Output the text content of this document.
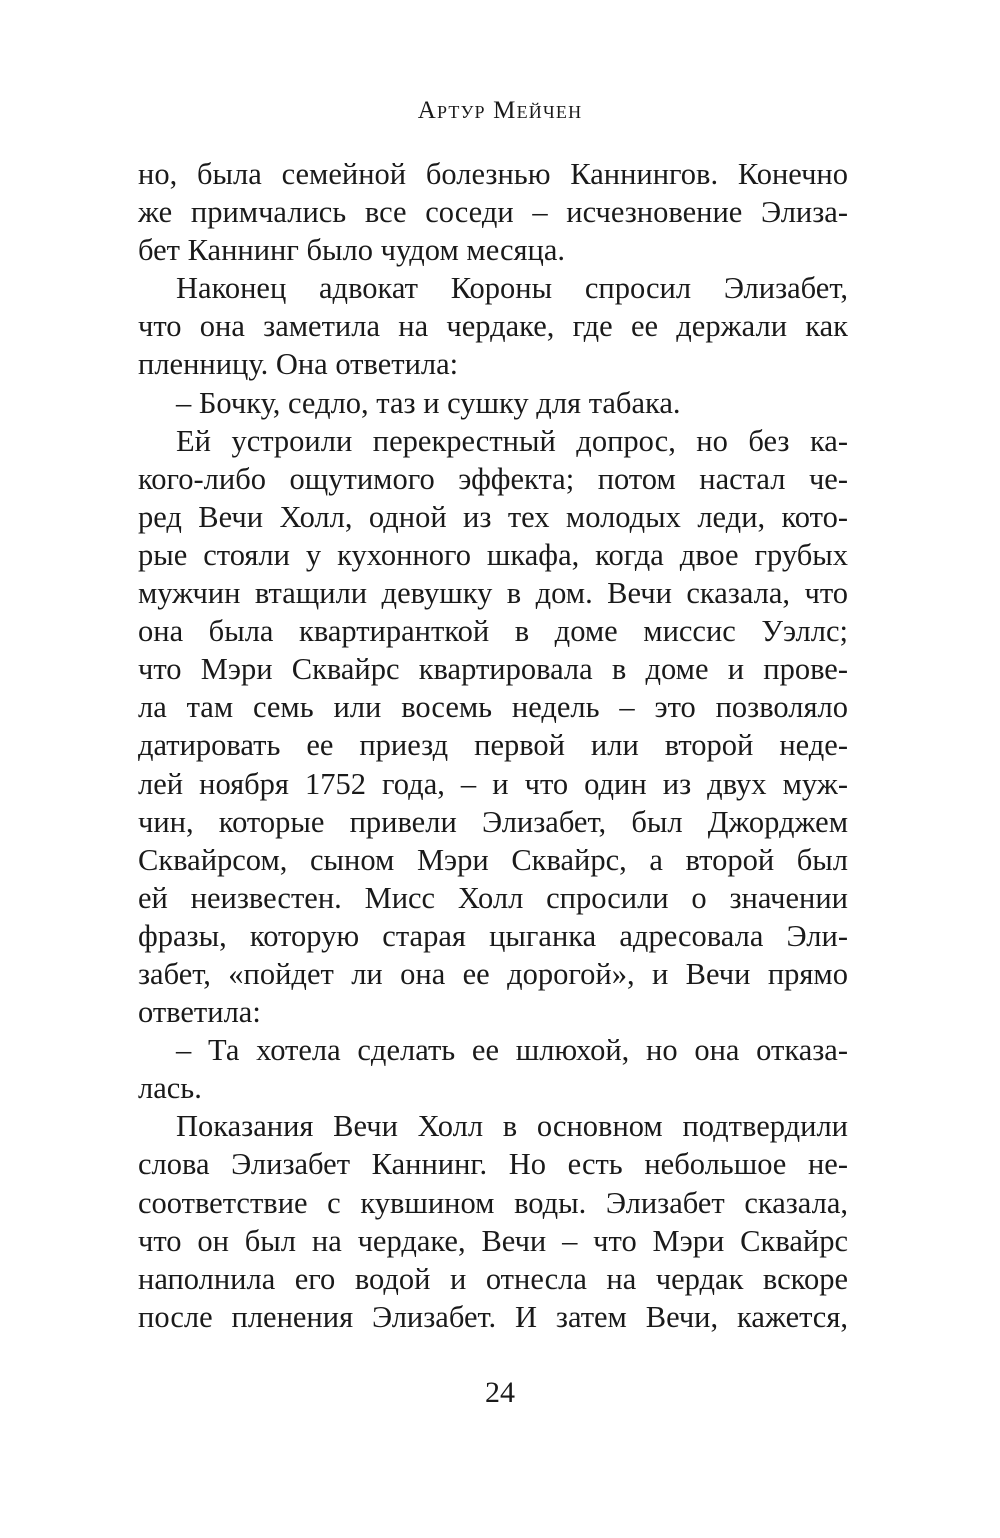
Артур Мейчен
но, была семейной болезнью Каннингов. Конечно
же примчались все соседи – исчезновение Элиза-
бет Каннинг было чудом месяца.
Наконец адвокат Короны спросил Элизабет,
что она заметила на чердаке, где ее держали как
пленницу. Она ответила:
– Бочку, седло, таз и сушку для табака.
Ей устроили перекрестный допрос, но без ка-
кого-либо ощутимого эффекта; потом настал че-
ред Вечи Холл, одной из тех молодых леди, кото-
рые стояли у кухонного шкафа, когда двое грубых
мужчин втащили девушку в дом. Вечи сказала, что
она была квартиранткой в доме миссис Уэллс;
что Мэри Сквайрс квартировала в доме и прове-
ла там семь или восемь недель – это позволяло
датировать ее приезд первой или второй неде-
лей ноября 1752 года, – и что один из двух муж-
чин, которые привели Элизабет, был Джорджем
Сквайрсом, сыном Мэри Сквайрс, а второй был
ей неизвестен. Мисс Холл спросили о значении
фразы, которую старая цыганка адресовала Эли-
забет, «пойдет ли она ее дорогой», и Вечи прямо
ответила:
– Та хотела сделать ее шлюхой, но она отказа-
лась.
Показания Вечи Холл в основном подтвердили
слова Элизабет Каннинг. Но есть небольшое не-
соответствие с кувшином воды. Элизабет сказала,
что он был на чердаке, Вечи – что Мэри Сквайрс
наполнила его водой и отнесла на чердак вскоре
после пленения Элизабет. И затем Вечи, кажется,
24
